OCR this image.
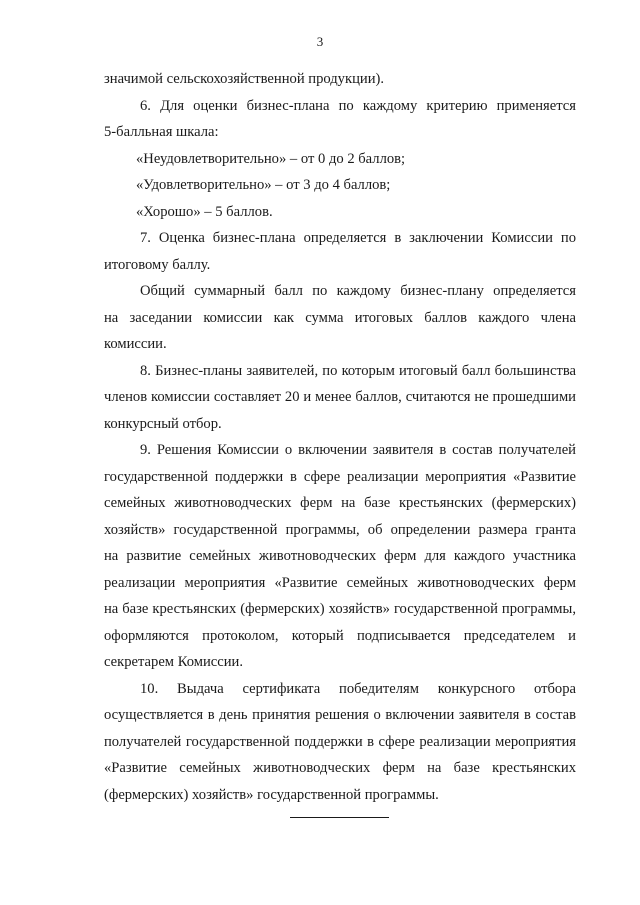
3
значимой сельскохозяйственной продукции).
6. Для оценки бизнес-плана по каждому критерию применяется
5-балльная шкала:
«Неудовлетворительно» – от 0 до 2 баллов;
«Удовлетворительно» – от 3 до 4 баллов;
«Хорошо» – 5 баллов.
7. Оценка бизнес-плана определяется в заключении Комиссии по
итоговому баллу.
Общий суммарный балл по каждому бизнес-плану определяется
на заседании комиссии как сумма итоговых баллов каждого члена
комиссии.
8. Бизнес-планы заявителей, по которым итоговый балл большинства
членов комиссии составляет 20 и менее баллов, считаются не прошедшими
конкурсный отбор.
9. Решения Комиссии о включении заявителя в состав получателей
государственной поддержки в сфере реализации мероприятия «Развитие
семейных животноводческих ферм на базе крестьянских (фермерских)
хозяйств» государственной программы, об определении размера гранта
на развитие семейных животноводческих ферм для каждого участника
реализации мероприятия «Развитие семейных животноводческих ферм
на базе крестьянских (фермерских) хозяйств» государственной программы,
оформляются протоколом, который подписывается председателем и
секретарем Комиссии.
10. Выдача сертификата победителям конкурсного отбора
осуществляется в день принятия решения о включении заявителя в состав
получателей государственной поддержки в сфере реализации мероприятия
«Развитие семейных животноводческих ферм на базе крестьянских
(фермерских) хозяйств» государственной программы.
